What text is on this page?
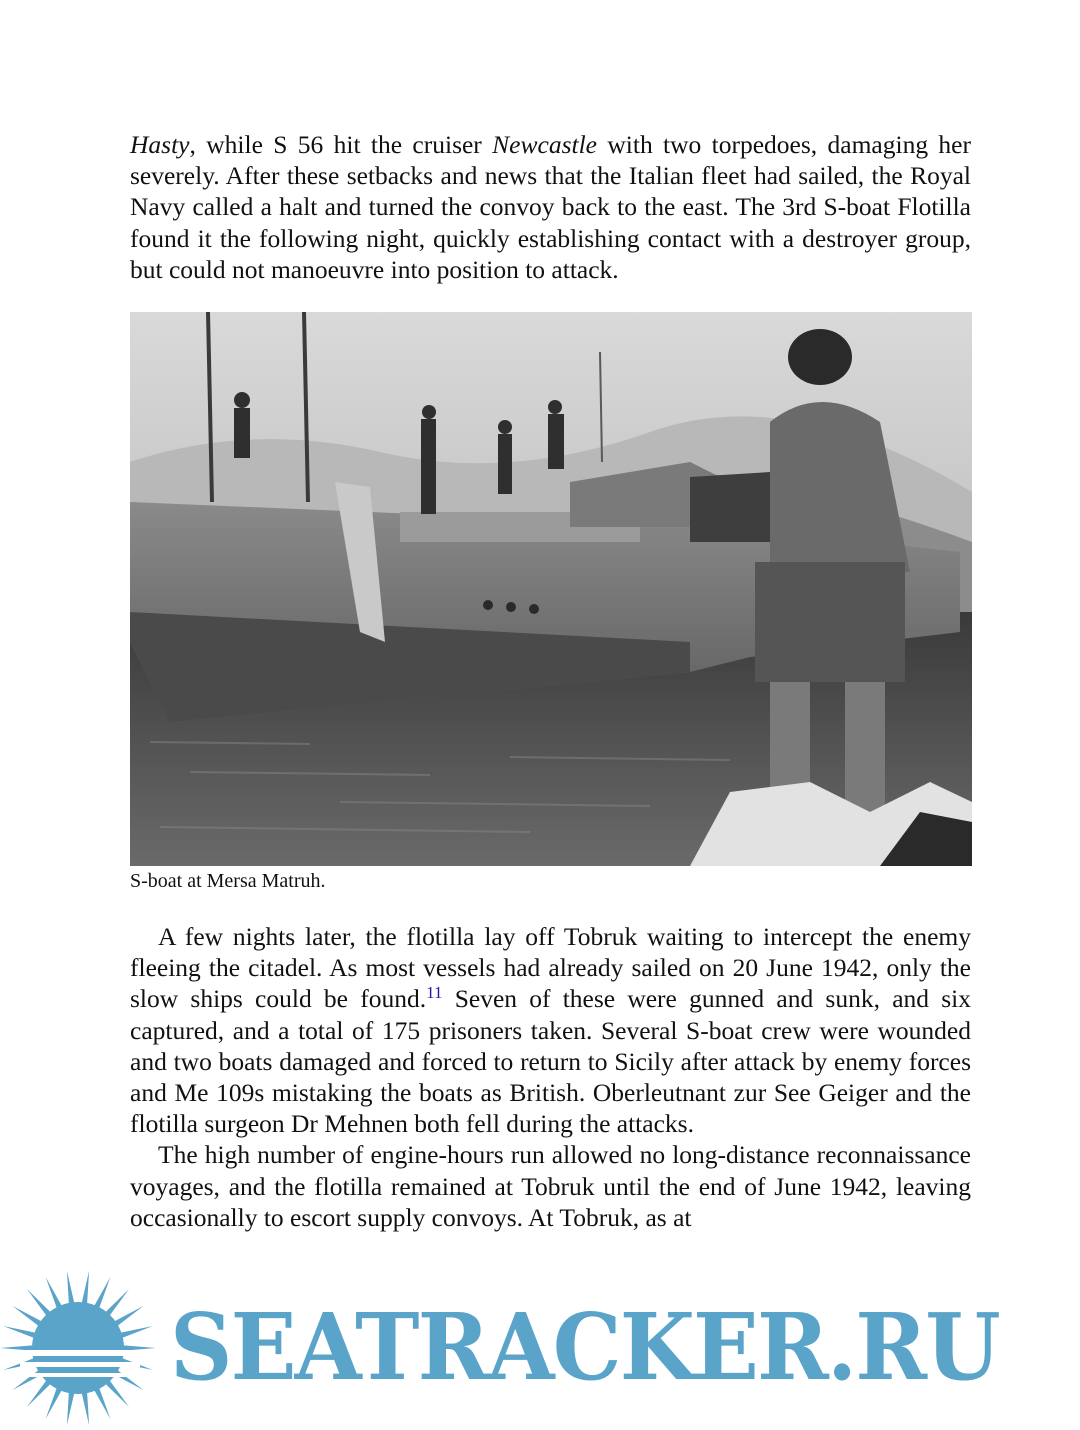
Hasty, while S 56 hit the cruiser Newcastle with two torpedoes, damaging her severely. After these setbacks and news that the Italian fleet had sailed, the Royal Navy called a halt and turned the convoy back to the east. The 3rd S-boat Flotilla found it the following night, quickly establishing contact with a destroyer group, but could not manoeuvre into position to attack.

S-boat at Mersa Matruh.

A few nights later, the flotilla lay off Tobruk waiting to intercept the enemy fleeing the citadel. As most vessels had already sailed on 20 June 1942, only the slow ships could be found.$^{11}$ Seven of these were gunned and sunk, and six captured, and a total of 175 prisoners taken. Several S-boat crew were wounded and two boats damaged and forced to return to Sicily after attack by enemy forces and Me 109s mistaking the boats as British. Oberleutnant zur See Geiger and the flotilla surgeon Dr Mehnen both fell during the attacks.

The high number of engine-hours run allowed no long-distance reconnaissance voyages, and the flotilla remained at Tobruk until the end of June 1942, leaving occasionally to escort supply convoys. At Tobruk, as at

SEATRACKER.RU
